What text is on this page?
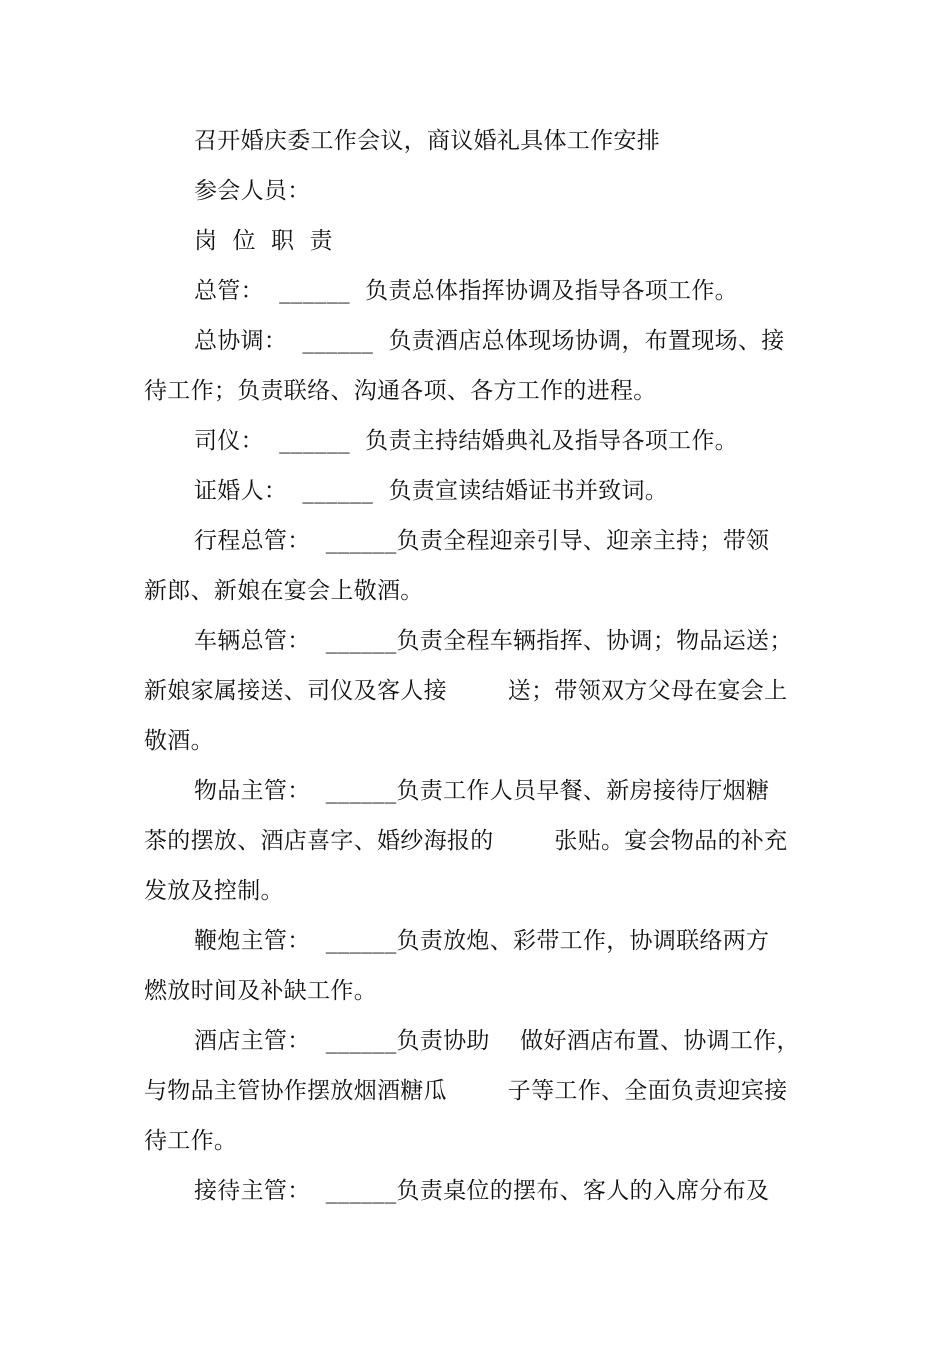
召开婚庆委工作会议，商议婚礼具体工作安排
参会人员：
岗  位  职  责
总管：  ______  负责总体指挥协调及指导各项工作。
总协调：  ______  负责酒店总体现场协调，布置现场、接
待工作；负责联络、沟通各项、各方工作的进程。
司仪：  ______  负责主持结婚典礼及指导各项工作。
证婚人：  ______  负责宣读结婚证书并致词。
行程总管：  ______负责全程迎亲引导、迎亲主持；带领
新郎、新娘在宴会上敬酒。
车辆总管：  ______负责全程车辆指挥、协调；物品运送；
新娘家属接送、司仪及客人接        送；带领双方父母在宴会上
敬酒。
物品主管：  ______负责工作人员早餐、新房接待厅烟糖
茶的摆放、酒店喜字、婚纱海报的        张贴。宴会物品的补充
发放及控制。
鞭炮主管：  ______负责放炮、彩带工作，协调联络两方
燃放时间及补缺工作。
酒店主管：  ______负责协助    做好酒店布置、协调工作，
与物品主管协作摆放烟酒糖瓜        子等工作、全面负责迎宾接
待工作。
接待主管：  ______负责桌位的摆布、客人的入席分布及
